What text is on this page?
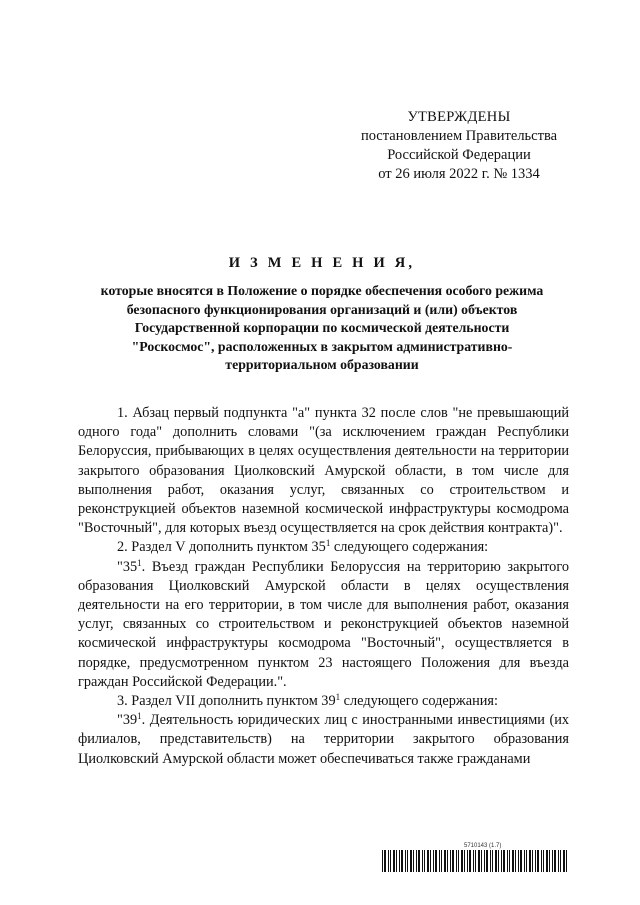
УТВЕРЖДЕНЫ
постановлением Правительства
Российской Федерации
от 26 июля 2022 г. № 1334
И З М Е Н Е Н И Я,
которые вносятся в Положение о порядке обеспечения особого режима
безопасного функционирования организаций и (или) объектов
Государственной корпорации по космической деятельности
"Роскосмос", расположенных в закрытом административно-
территориальном образовании

1. Абзац первый подпункта "а" пункта 32 после слов "не превышающий одного года" дополнить словами "(за исключением граждан Республики Белоруссия, прибывающих в целях осуществления деятельности на территории закрытого образования Циолковский Амурской области, в том числе для выполнения работ, оказания услуг, связанных со строительством и реконструкцией объектов наземной космической инфраструктуры космодрома "Восточный", для которых въезд осуществляется на срок действия контракта)".

2. Раздел V дополнить пунктом $35^1$ следующего содержания:

"$35^1$. Въезд граждан Республики Белоруссия на территорию закрытого образования Циолковский Амурской области в целях осуществления деятельности на его территории, в том числе для выполнения работ, оказания услуг, связанных со строительством и реконструкцией объектов наземной космической инфраструктуры космодрома "Восточный", осуществляется в порядке, предусмотренном пунктом 23 настоящего Положения для въезда граждан Российской Федерации.".

3. Раздел VII дополнить пунктом $39^1$ следующего содержания:

"$39^1$. Деятельность юридических лиц с иностранными инвестициями (их филиалов, представительств) на территории закрытого образования Циолковский Амурской области может обеспечиваться также гражданами

5710143 (1.7)
